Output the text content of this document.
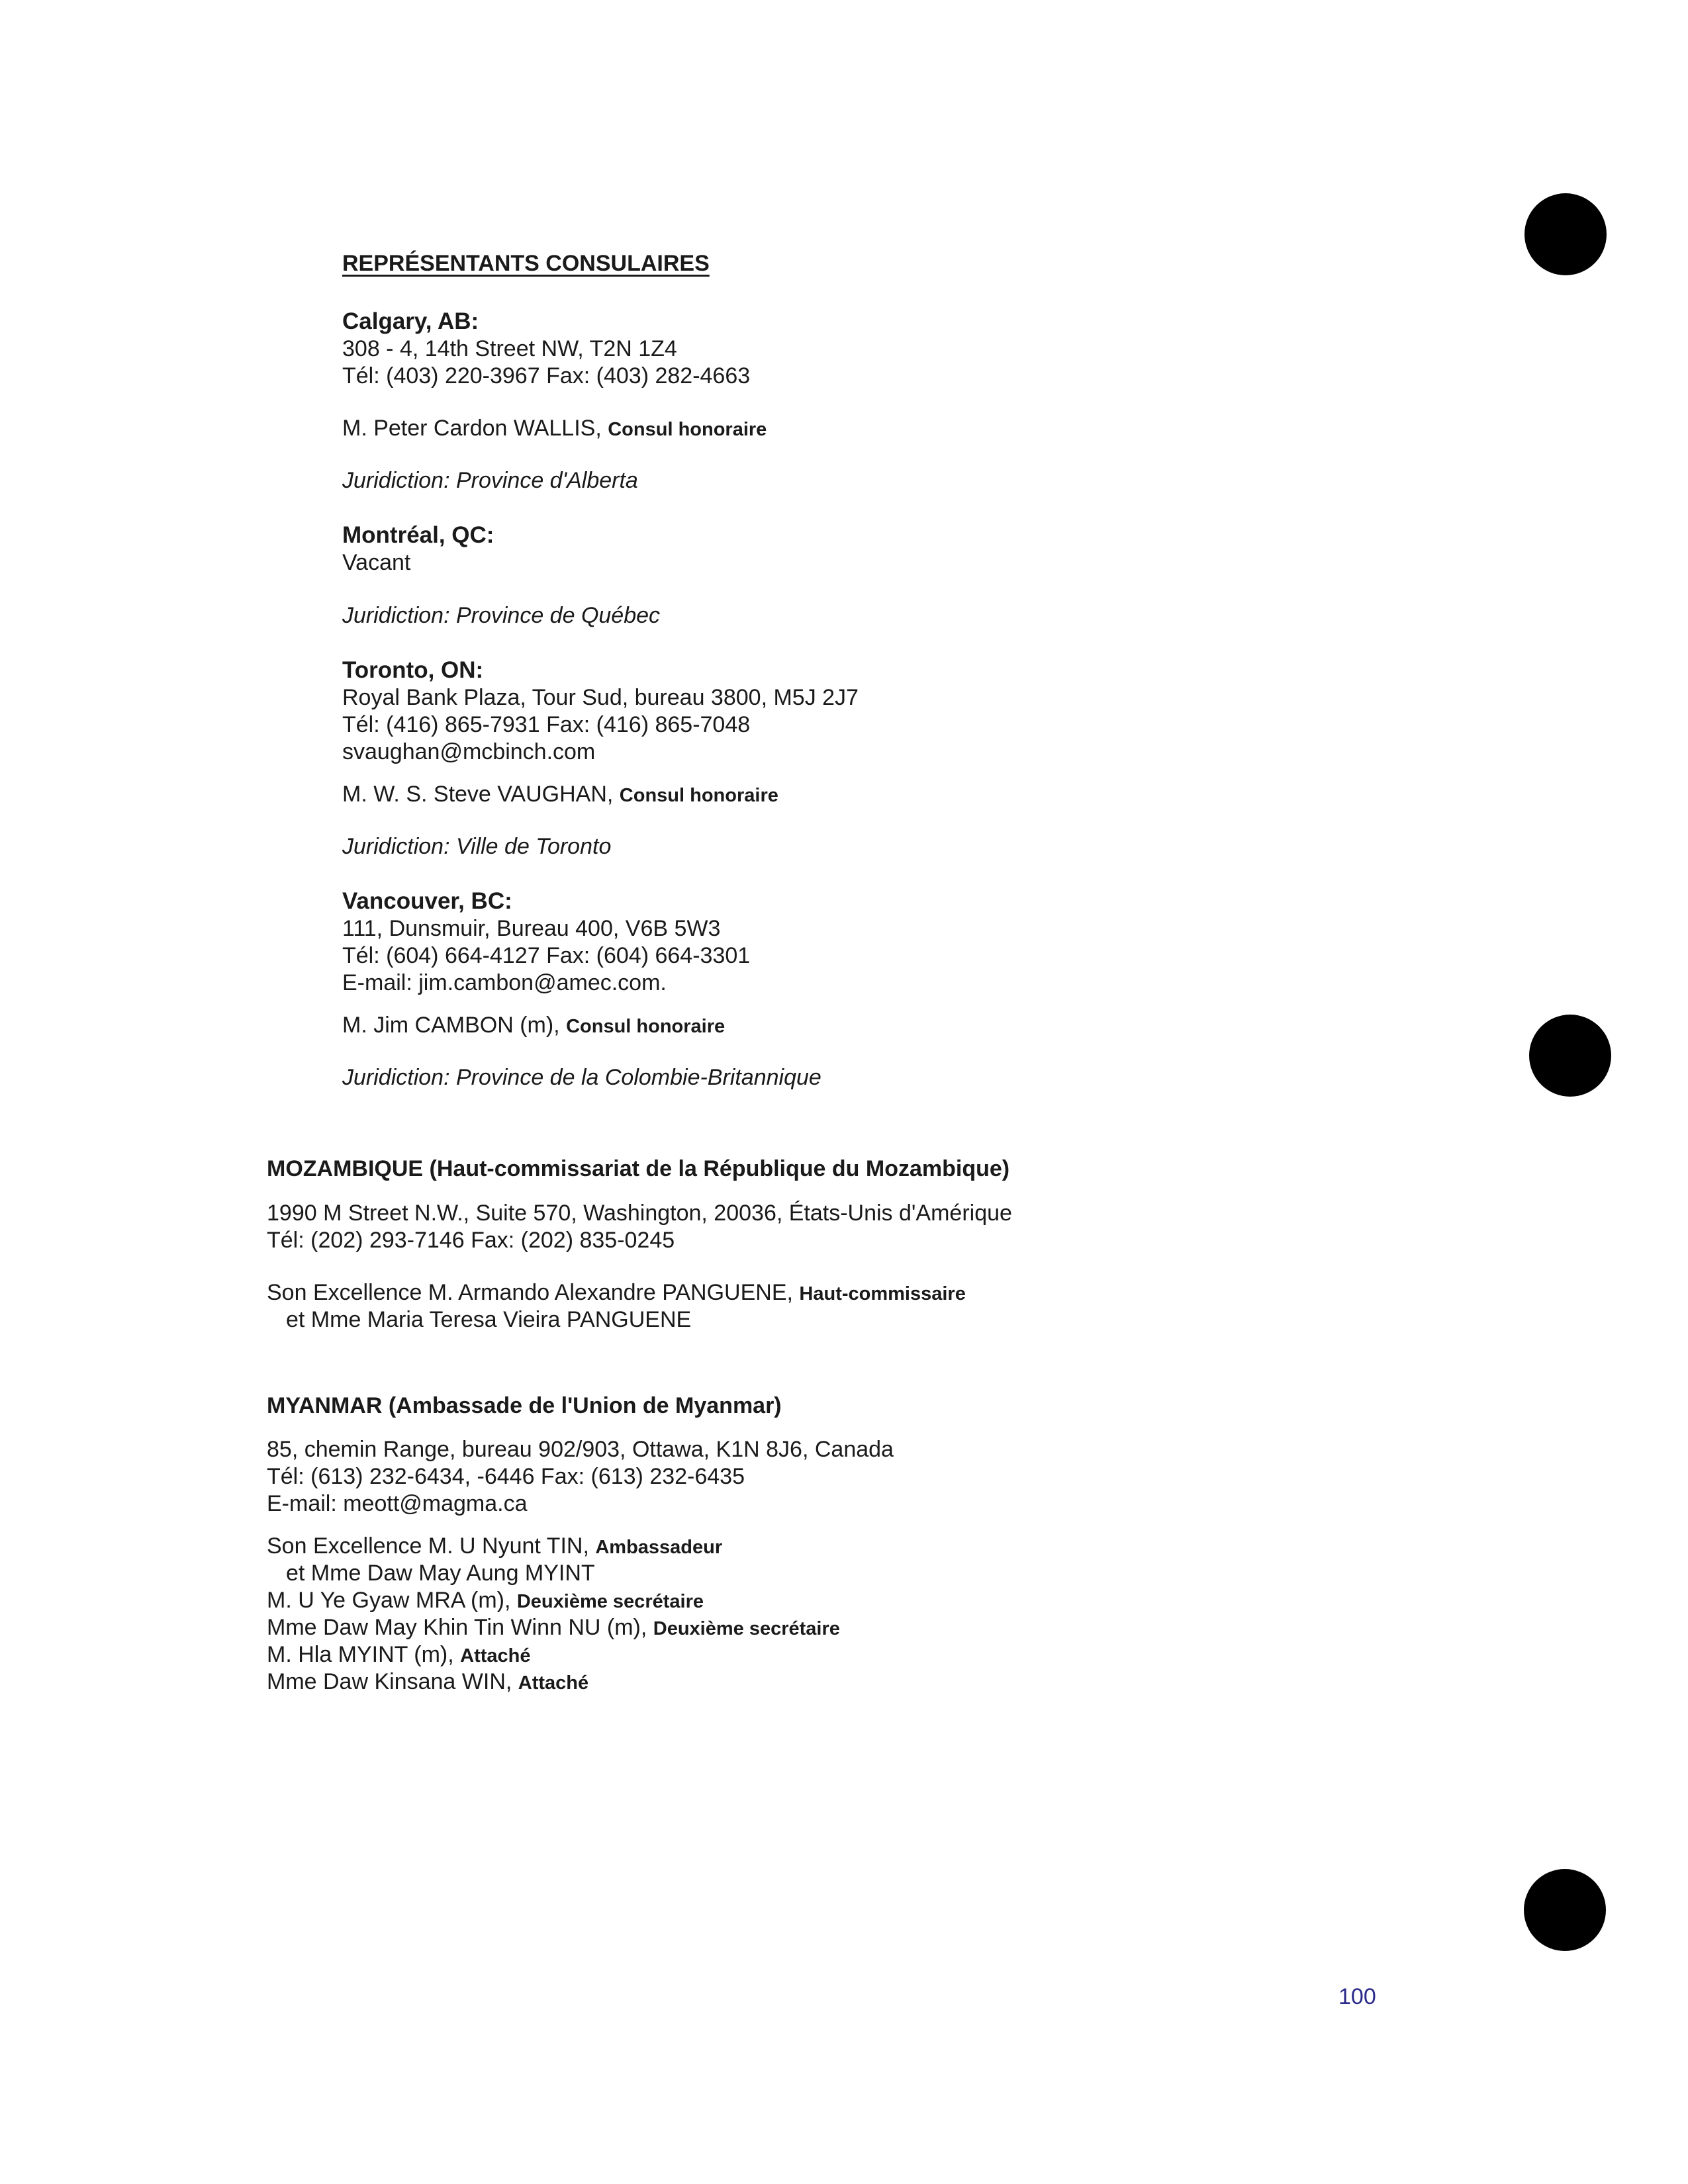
REPRÉSENTANTS CONSULAIRES
Calgary, AB:
308 - 4, 14th Street NW, T2N 1Z4
Tél: (403) 220-3967 Fax: (403) 282-4663
M. Peter Cardon WALLIS, Consul honoraire
Juridiction: Province d'Alberta
Montréal, QC:
Vacant
Juridiction: Province de Québec
Toronto, ON:
Royal Bank Plaza, Tour Sud, bureau 3800, M5J 2J7
Tél: (416) 865-7931 Fax: (416) 865-7048
svaughan@mcbinch.com
M. W. S. Steve VAUGHAN, Consul honoraire
Juridiction: Ville de Toronto
Vancouver, BC:
111, Dunsmuir, Bureau 400, V6B 5W3
Tél: (604) 664-4127 Fax: (604) 664-3301
E-mail: jim.cambon@amec.com.
M. Jim CAMBON (m), Consul honoraire
Juridiction: Province de la Colombie-Britannique
MOZAMBIQUE (Haut-commissariat de la République du Mozambique)
1990 M Street N.W., Suite 570, Washington, 20036, États-Unis d'Amérique
Tél: (202) 293-7146 Fax: (202) 835-0245
Son Excellence M. Armando Alexandre PANGUENE, Haut-commissaire
et Mme Maria Teresa Vieira PANGUENE
MYANMAR (Ambassade de l'Union de Myanmar)
85, chemin Range, bureau 902/903, Ottawa, K1N 8J6, Canada
Tél: (613) 232-6434, -6446 Fax: (613) 232-6435
E-mail: meott@magma.ca
Son Excellence M. U Nyunt TIN, Ambassadeur
et Mme Daw May Aung MYINT
M. U Ye Gyaw MRA (m), Deuxième secrétaire
Mme Daw May Khin Tin Winn NU (m), Deuxième secrétaire
M. Hla MYINT (m), Attaché
Mme Daw Kinsana WIN, Attaché
100
